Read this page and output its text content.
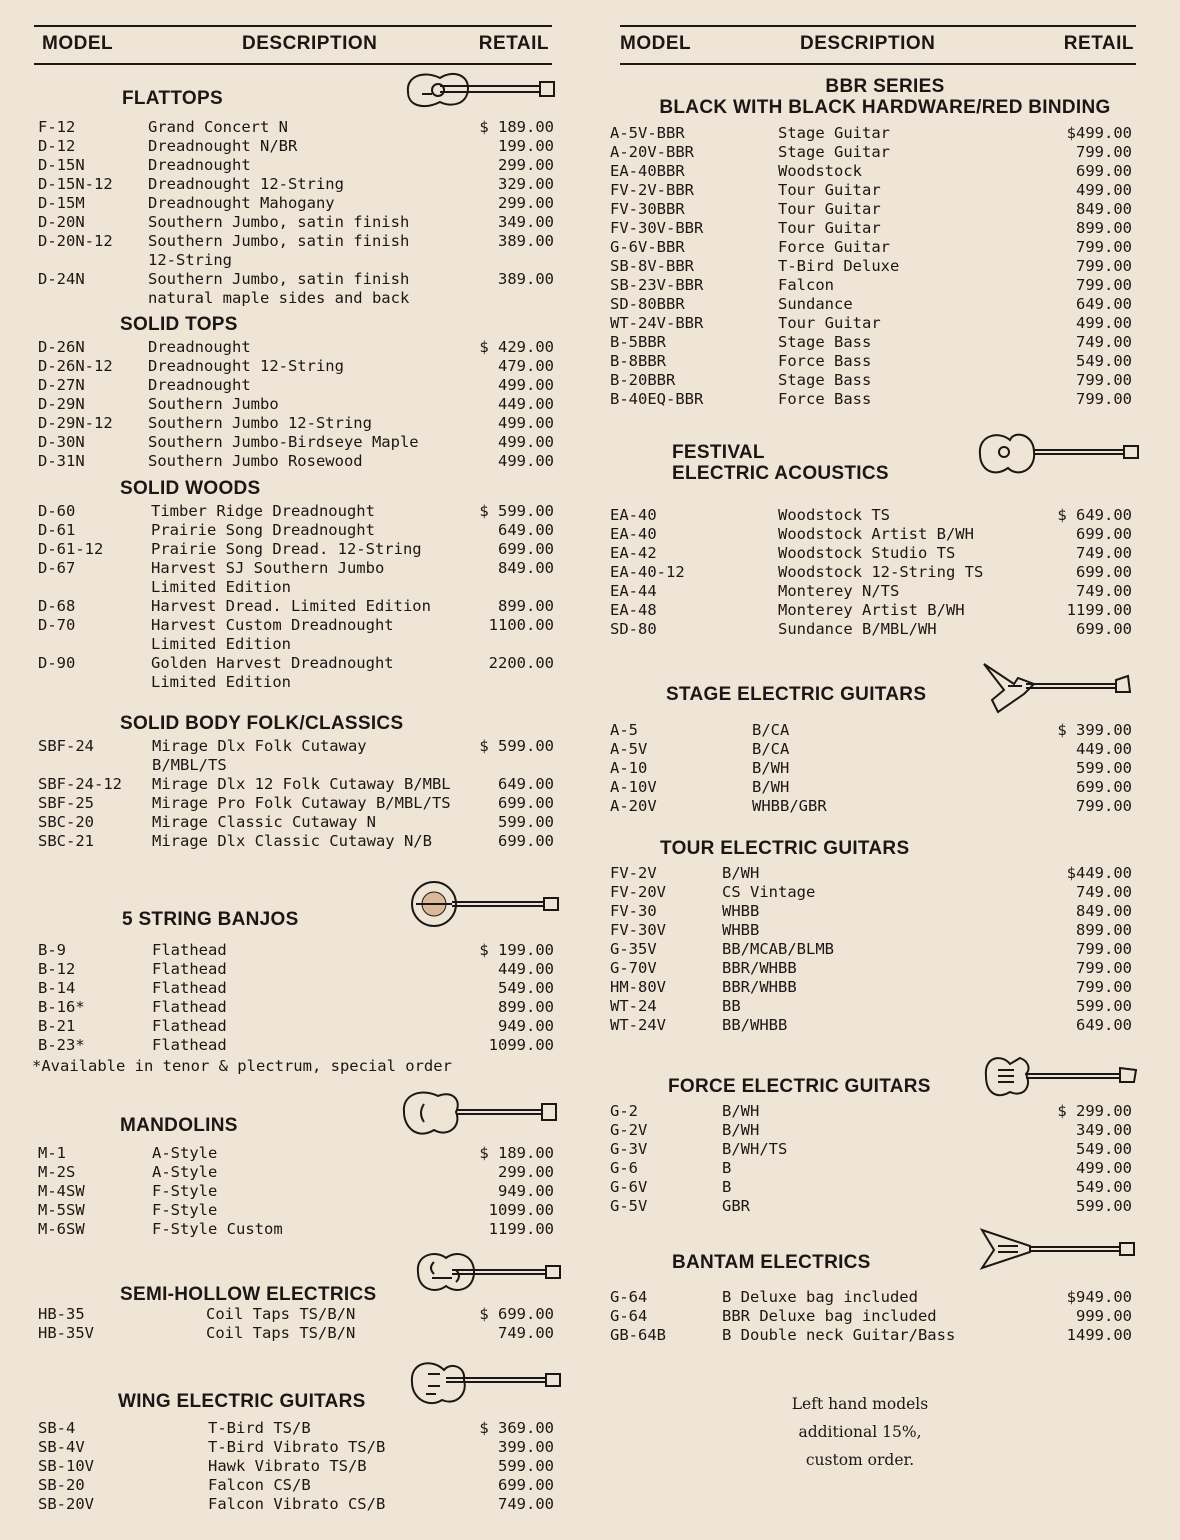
MODEL	DESCRIPTION	RETAIL
FLATTOPS
F-12	Grand Concert N	$ 189.00
D-12	Dreadnought N/BR	199.00
D-15N	Dreadnought	299.00
D-15N-12 Dreadnought 12-String	329.00
D-15M	Dreadnought Mahogany	299.00
D-20N	Southern Jumbo, satin finish	349.00
D-20N-12 Southern Jumbo, satin finish	389.00
12-String
D-24N	Southern Jumbo, satin finish	389.00
natural maple sides and back
SOLID TOPS
D-26N	Dreadnought	$ 429.00
D-26N-12 Dreadnought 12-String	479.00
D-27N	Dreadnought	499.00
D-29N	Southern Jumbo	449.00
D-29N-12 Southern Jumbo 12-String	499.00
D-30N	Southern Jumbo-Birdseye Maple	499.00
D-31N	Southern Jumbo Rosewood	499.00
SOLID WOODS
D-60	Timber Ridge Dreadnought	$ 599.00
D-61	Prairie Song Dreadnought	649.00
D-61-12	Prairie Song Dread. 12-String	699.00
D-67	Harvest SJ Southern Jumbo	849.00
Limited Edition
D-68	Harvest Dread. Limited Edition	899.00
D-70	Harvest Custom Dreadnought	1100.00
Limited Edition
D-90	Golden Harvest Dreadnought	2200.00
Limited Edition
SOLID BODY FOLK/CLASSICS
SBF-24	Mirage Dlx Folk Cutaway	$ 599.00
B/MBL/TS
SBF-24-12 Mirage Dlx 12 Folk Cutaway B/MBL	649.00
SBF-25	Mirage Pro Folk Cutaway B/MBL/TS	699.00
SBC-20	Mirage Classic Cutaway N	599.00
SBC-21	Mirage Dlx Classic Cutaway N/B	699.00
5 STRING BANJOS
B-9	Flathead	$ 199.00
B-12	Flathead	449.00
B-14	Flathead	549.00
B-16*	Flathead	899.00
B-21	Flathead	949.00
B-23*	Flathead	1099.00
*Available in tenor & plectrum, special order
MANDOLINS
M-1	A-Style	$ 189.00
M-2S	A-Style	299.00
M-4SW	F-Style	949.00
M-5SW	F-Style	1099.00
M-6SW	F-Style Custom	1199.00
SEMI-HOLLOW ELECTRICS
HB-35	Coil Taps TS/B/N	$ 699.00
HB-35V	Coil Taps TS/B/N	749.00
WING ELECTRIC GUITARS
SB-4	T-Bird TS/B	$ 369.00
SB-4V	T-Bird Vibrato TS/B	399.00
SB-10V	Hawk Vibrato TS/B	599.00
SB-20	Falcon CS/B	699.00
SB-20V	Falcon Vibrato CS/B	749.00
MODEL	DESCRIPTION	RETAIL
BBR SERIES
BLACK WITH BLACK HARDWARE/RED BINDING
A-5V-BBR	Stage Guitar	$499.00
A-20V-BBR	Stage Guitar	799.00
EA-40BBR	Woodstock	699.00
FV-2V-BBR	Tour Guitar	499.00
FV-30BBR	Tour Guitar	849.00
FV-30V-BBR	Tour Guitar	899.00
G-6V-BBR	Force Guitar	799.00
SB-8V-BBR	T-Bird Deluxe	799.00
SB-23V-BBR	Falcon	799.00
SD-80BBR	Sundance	649.00
WT-24V-BBR	Tour Guitar	499.00
B-5BBR	Stage Bass	749.00
B-8BBR	Force Bass	549.00
B-20BBR	Stage Bass	799.00
B-40EQ-BBR	Force Bass	799.00
FESTIVAL
ELECTRIC ACOUSTICS
EA-40	Woodstock TS	$ 649.00
EA-40	Woodstock Artist B/WH	699.00
EA-42	Woodstock Studio TS	749.00
EA-40-12	Woodstock 12-String TS	699.00
EA-44	Monterey N/TS	749.00
EA-48	Monterey Artist B/WH	1199.00
SD-80	Sundance B/MBL/WH	699.00
STAGE ELECTRIC GUITARS
A-5	B/CA	$ 399.00
A-5V	B/CA	449.00
A-10	B/WH	599.00
A-10V	B/WH	699.00
A-20V	WHBB/GBR	799.00
TOUR ELECTRIC GUITARS
FV-2V	B/WH	$449.00
FV-20V	CS Vintage	749.00
FV-30	WHBB	849.00
FV-30V	WHBB	899.00
G-35V	BB/MCAB/BLMB	799.00
G-70V	BBR/WHBB	799.00
HM-80V	BBR/WHBB	799.00
WT-24	BB	599.00
WT-24V	BB/WHBB	649.00
FORCE ELECTRIC GUITARS
G-2	B/WH	$ 299.00
G-2V	B/WH	349.00
G-3V	B/WH/TS	549.00
G-6	B	499.00
G-6V	B	549.00
G-5V	GBR	599.00
BANTAM ELECTRICS
G-64	B Deluxe bag included	$949.00
G-64	BBR Deluxe bag included	999.00
GB-64B	B Double neck Guitar/Bass	1499.00
Left hand models
additional 15%,
custom order.
